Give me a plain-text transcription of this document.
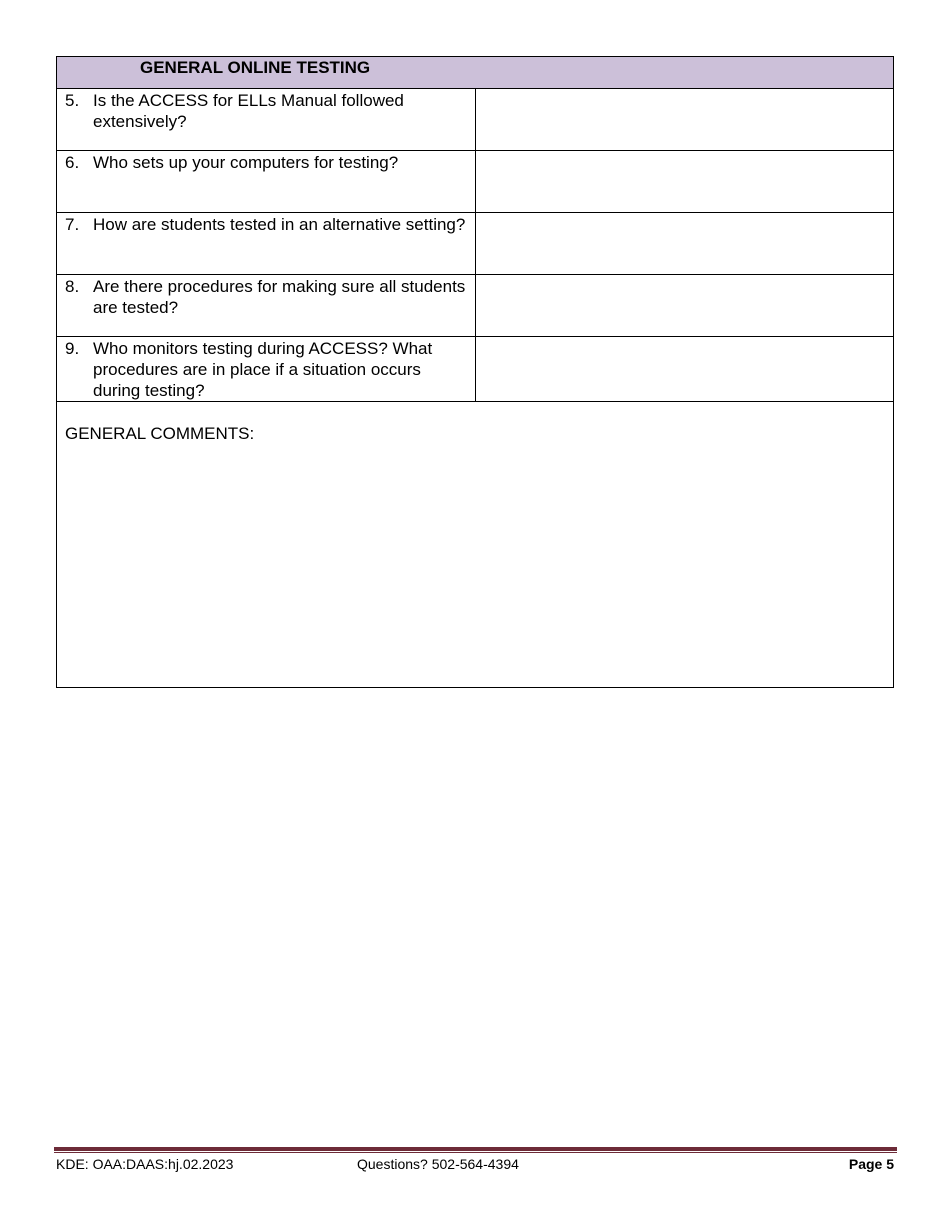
GENERAL ONLINE TESTING	

5. Is the ACCESS for ELLs Manual followed extensively?	

6. Who sets up your computers for testing?	

7. How are students tested in an alternative setting?	

8. Are there procedures for making sure all students are tested?	

9. Who monitors testing during ACCESS? What procedures are in place if a situation occurs during testing?	

GENERAL COMMENTS:	
KDE: OAA:DAAS:hj.02.2023	Questions? 502-564-4394	Page 5
